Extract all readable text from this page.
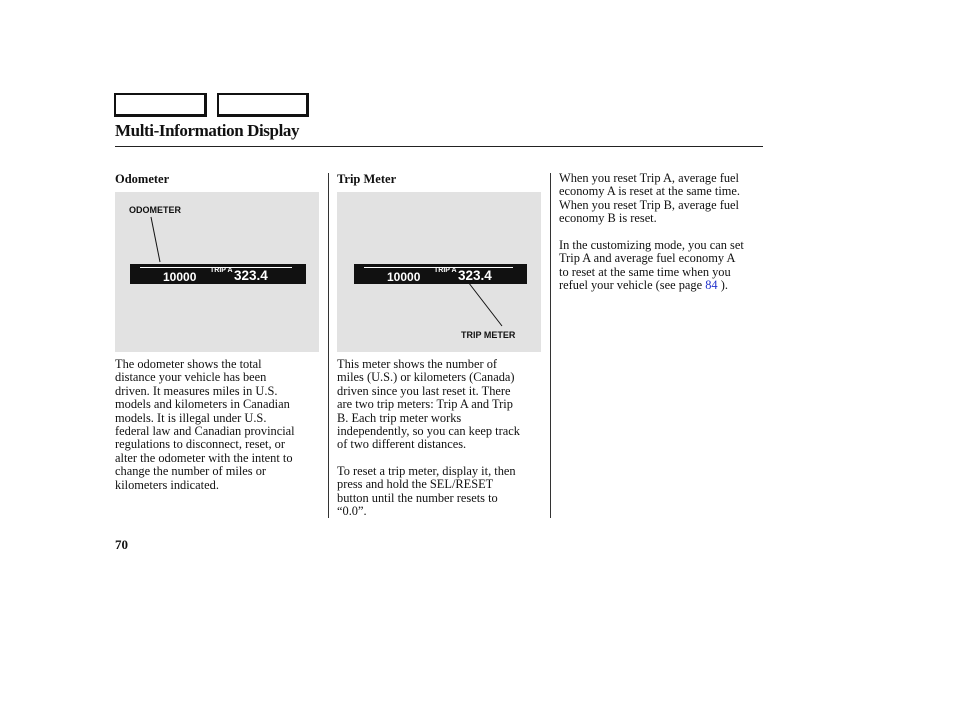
Multi-Information Display
Odometer
ODOMETER
10000 TRIP A 323.4
The odometer shows the total
distance your vehicle has been
driven. It measures miles in U.S.
models and kilometers in Canadian
models. It is illegal under U.S.
federal law and Canadian provincial
regulations to disconnect, reset, or
alter the odometer with the intent to
change the number of miles or
kilometers indicated.
Trip Meter
10000 TRIP A 323.4
TRIP METER
This meter shows the number of
miles (U.S.) or kilometers (Canada)
driven since you last reset it. There
are two trip meters: Trip A and Trip
B. Each trip meter works
independently, so you can keep track
of two different distances.
To reset a trip meter, display it, then
press and hold the SEL/RESET
button until the number resets to
“0.0”.
When you reset Trip A, average fuel
economy A is reset at the same time.
When you reset Trip B, average fuel
economy B is reset.
In the customizing mode, you can set
Trip A and average fuel economy A
to reset at the same time when you
refuel your vehicle (see page 84 ).
70
